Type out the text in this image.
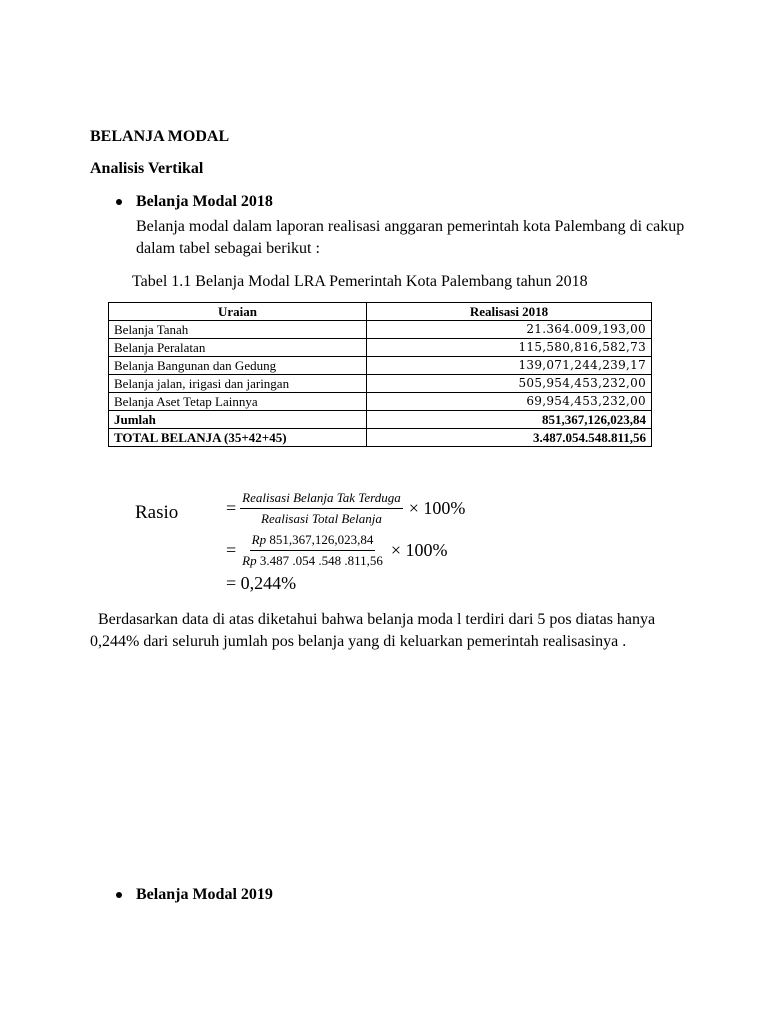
BELANJA MODAL
Analisis Vertikal
Belanja Modal 2018
Belanja modal dalam laporan realisasi anggaran pemerintah kota Palembang di cakup dalam tabel sebagai berikut :
Tabel 1.1 Belanja Modal LRA Pemerintah Kota Palembang tahun 2018
Uraian	Realisasi 2018
Belanja Tanah	21.364.009,193,00
Belanja Peralatan	115,580,816,582,73
Belanja Bangunan dan Gedung	139,071,244,239,17
Belanja jalan, irigasi dan jaringan	505,954,453,232,00
Belanja Aset Tetap Lainnya	69,954,453,232,00
Jumlah	851,367,126,023,84
TOTAL BELANJA (35+42+45)	3.487.054.548.811,56
Rasio	= $\frac{\text{Realisasi Belanja Tak Terduga}}{\text{Realisasi Total Belanja}} \times 100\%$
= $\frac{Rp 851,367,126,023,84}{Rp 3.487 .054 .548 .811,56} \times 100\%$
= 0,244%
Berdasarkan data di atas diketahui bahwa belanja moda l terdiri dari 5 pos diatas hanya 0,244% dari seluruh jumlah pos belanja yang di keluarkan pemerintah realisasinya .
Belanja Modal 2019
